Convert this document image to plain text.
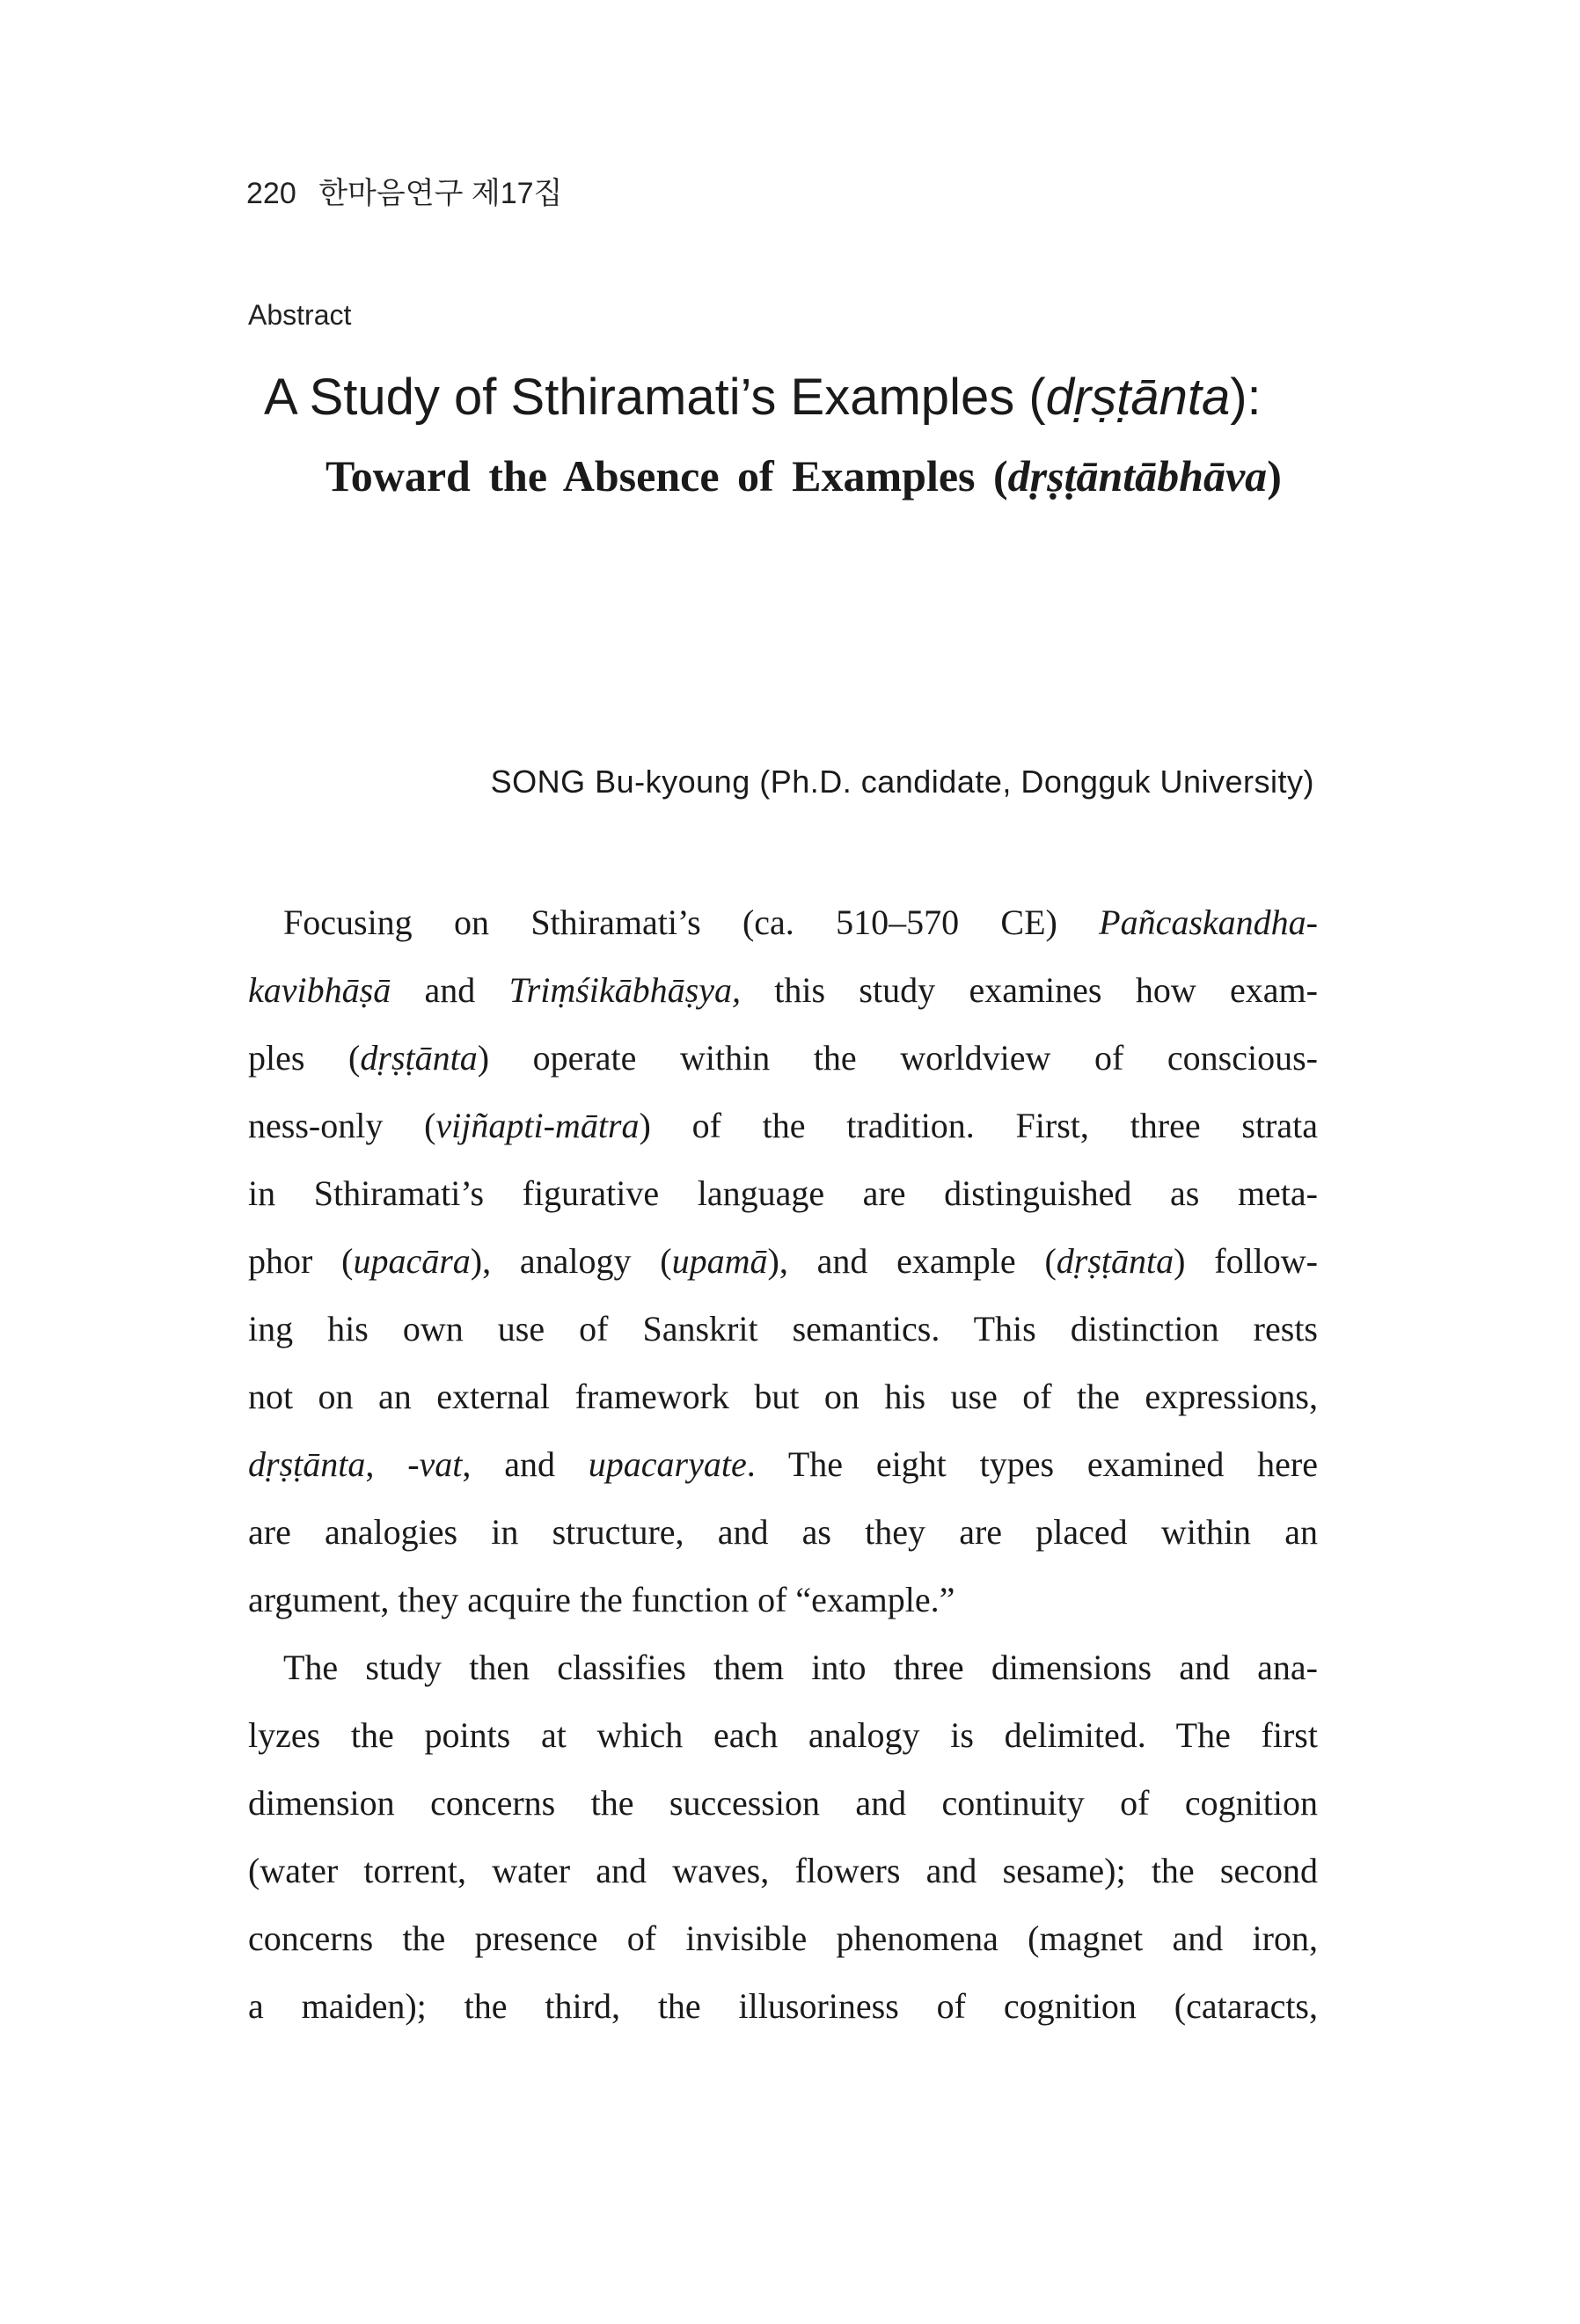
220 한마음연구 제17집
Abstract
A Study of Sthiramati’s Examples (dṛṣṭānta):
Toward the Absence of Examples (dṛṣṭāntābhāva)
SONG Bu-kyoung (Ph.D. candidate, Dongguk University)

Focusing on Sthiramati’s (ca. 510–570 CE) Pañcaskandha-

kavibhāṣā and Triṃśikābhāṣya, this study examines how exam-

ples (dṛṣṭānta) operate within the worldview of conscious-

ness-only (vijñapti-mātra) of the tradition. First, three strata

in Sthiramati’s figurative language are distinguished as meta-

phor (upacāra), analogy (upamā), and example (dṛṣṭānta) follow-

ing his own use of Sanskrit semantics. This distinction rests

not on an external framework but on his use of the expressions,

dṛṣṭānta, -vat, and upacaryate. The eight types examined here

are analogies in structure, and as they are placed within an

argument, they acquire the function of “example.”

The study then classifies them into three dimensions and ana-

lyzes the points at which each analogy is delimited. The first

dimension concerns the succession and continuity of cognition

(water torrent, water and waves, flowers and sesame); the second

concerns the presence of invisible phenomena (magnet and iron,

a maiden); the third, the illusoriness of cognition (cataracts,
